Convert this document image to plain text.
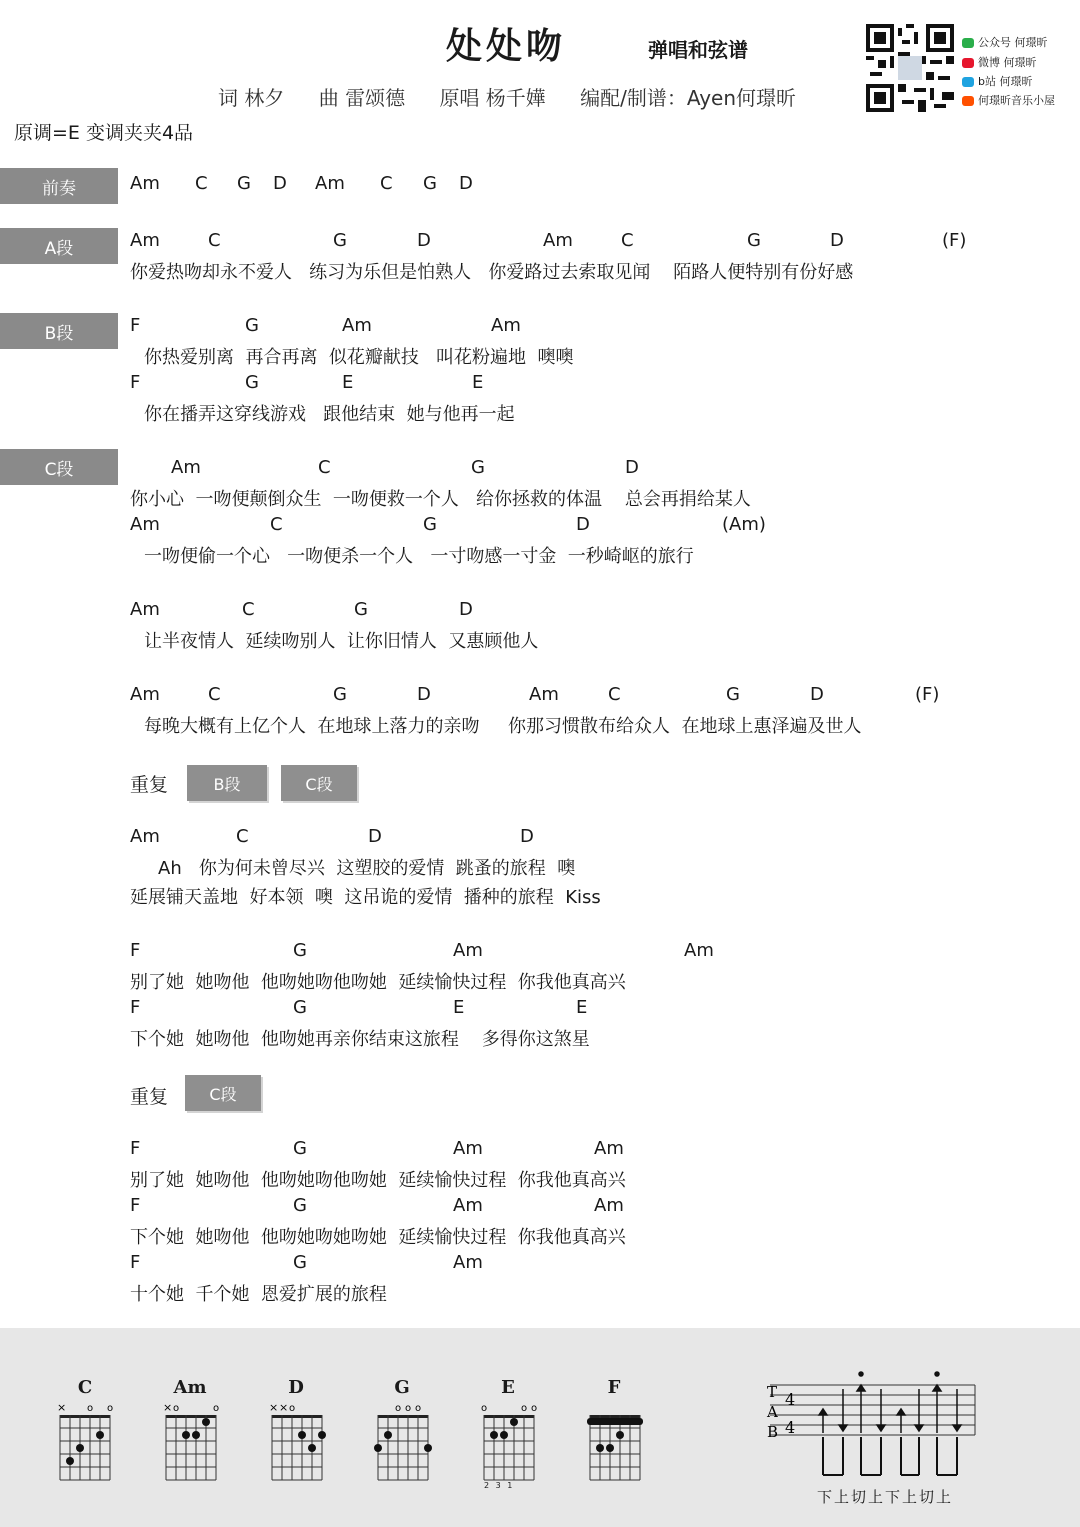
处处吻	弹唱和弦谱
词 林夕 曲 雷颂德 原唱 杨千嬅 编配/制谱：Ayen何璟昕
原调=E 变调夹夹4品
公众号 何璟昕
微博 何璟昕
b站 何璟昕
何璟昕音乐小屋
前奏
A段
B段
C段
Am C G D Am C G D
Am	C	G	D	Am	C	G	D	(F)
你爱热吻却永不爱人   练习为乐但是怕熟人   你爱路过去索取见闻    陌路人便特别有份好感
F	G	Am	Am
你热爱别离  再合再离  似花瓣献技   叫花粉遍地  噢噢
F	G	E	E
你在播弄这穿线游戏   跟他结束  她与他再一起
Am	C	G	D
你小心  一吻便颠倒众生  一吻便救一个人   给你拯救的体温    总会再捐给某人
Am	C	G	D	(Am)
一吻便偷一个心   一吻便杀一个人   一寸吻感一寸金  一秒崎岖的旅行
Am	C	G	D
让半夜情人  延续吻别人  让你旧情人  又惠顾他人
Am	C	G	D	Am	C	G	D	(F)
每晚大概有上亿个人  在地球上落力的亲吻     你那习惯散布给众人  在地球上惠泽遍及世人
重复	B段	C段
Am	C	D	D
Ah   你为何未曾尽兴  这塑胶的爱情  跳蚤的旅程  噢
延展铺天盖地  好本领  噢  这吊诡的爱情  播种的旅程  Kiss
F	G	Am	Am
别了她  她吻他  他吻她吻他吻她  延续愉快过程  你我他真高兴
F	G	E	E
下个她  她吻他  他吻她再亲你结束这旅程    多得你这煞星
重复	C段
F	G	Am	Am
别了她  她吻他  他吻她吻他吻她  延续愉快过程  你我他真高兴
F	G	Am	Am
下个她  她吻他  他吻她吻她吻她  延续愉快过程  你我他真高兴
F	G	Am
十个她  千个她  恩爱扩展的旅程
C	Am	D	G	E	F
× o o	× o	o	× × o	o o o	o	o o
2 3 1
T
A
B
4
4
下上切上下上切上
